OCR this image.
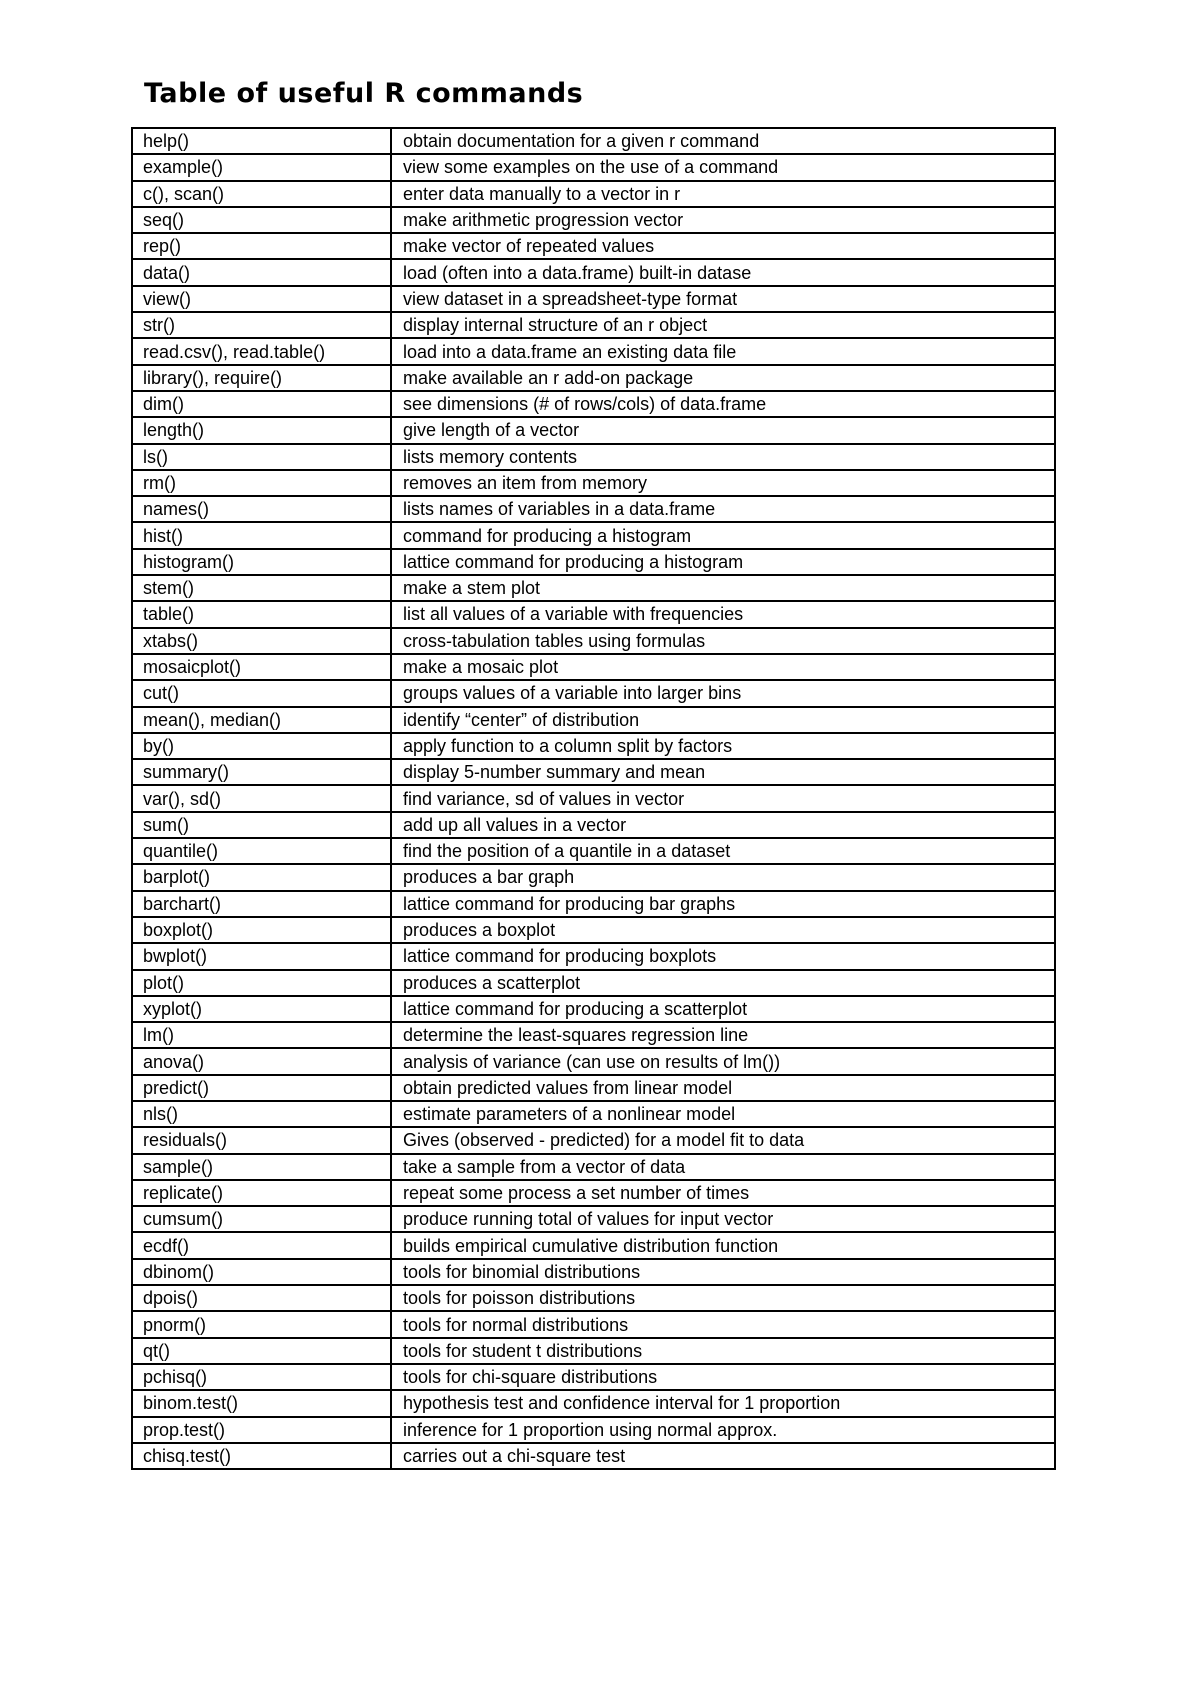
Table of useful R commands
help()	obtain documentation for a given r command
example()	view some examples on the use of a command
c(), scan()	enter data manually to a vector in r
seq()	make arithmetic progression vector
rep()	make vector of repeated values
data()	load (often into a data.frame) built-in datase
view()	view dataset in a spreadsheet-type format
str()	display internal structure of an r object
read.csv(), read.table()	load into a data.frame an existing data file
library(), require()	make available an r add-on package
dim()	see dimensions (# of rows/cols) of data.frame
length()	give length of a vector
ls()	lists memory contents
rm()	removes an item from memory
names()	lists names of variables in a data.frame
hist()	command for producing a histogram
histogram()	lattice command for producing a histogram
stem()	make a stem plot
table()	list all values of a variable with frequencies
xtabs()	cross-tabulation tables using formulas
mosaicplot()	make a mosaic plot
cut()	groups values of a variable into larger bins
mean(), median()	identify “center” of distribution
by()	apply function to a column split by factors
summary()	display 5-number summary and mean
var(), sd()	find variance, sd of values in vector
sum()	add up all values in a vector
quantile()	find the position of a quantile in a dataset
barplot()	produces a bar graph
barchart()	lattice command for producing bar graphs
boxplot()	produces a boxplot
bwplot()	lattice command for producing boxplots
plot()	produces a scatterplot
xyplot()	lattice command for producing a scatterplot
lm()	determine the least-squares regression line
anova()	analysis of variance (can use on results of lm())
predict()	obtain predicted values from linear model
nls()	estimate parameters of a nonlinear model
residuals()	Gives (observed - predicted) for a model fit to data
sample()	take a sample from a vector of data
replicate()	repeat some process a set number of times
cumsum()	produce running total of values for input vector
ecdf()	builds empirical cumulative distribution function
dbinom()	tools for binomial distributions
dpois()	tools for poisson distributions
pnorm()	tools for normal distributions
qt()	tools for student t distributions
pchisq()	tools for chi-square distributions
binom.test()	hypothesis test and confidence interval for 1 proportion
prop.test()	inference for 1 proportion using normal approx.
chisq.test()	carries out a chi-square test
